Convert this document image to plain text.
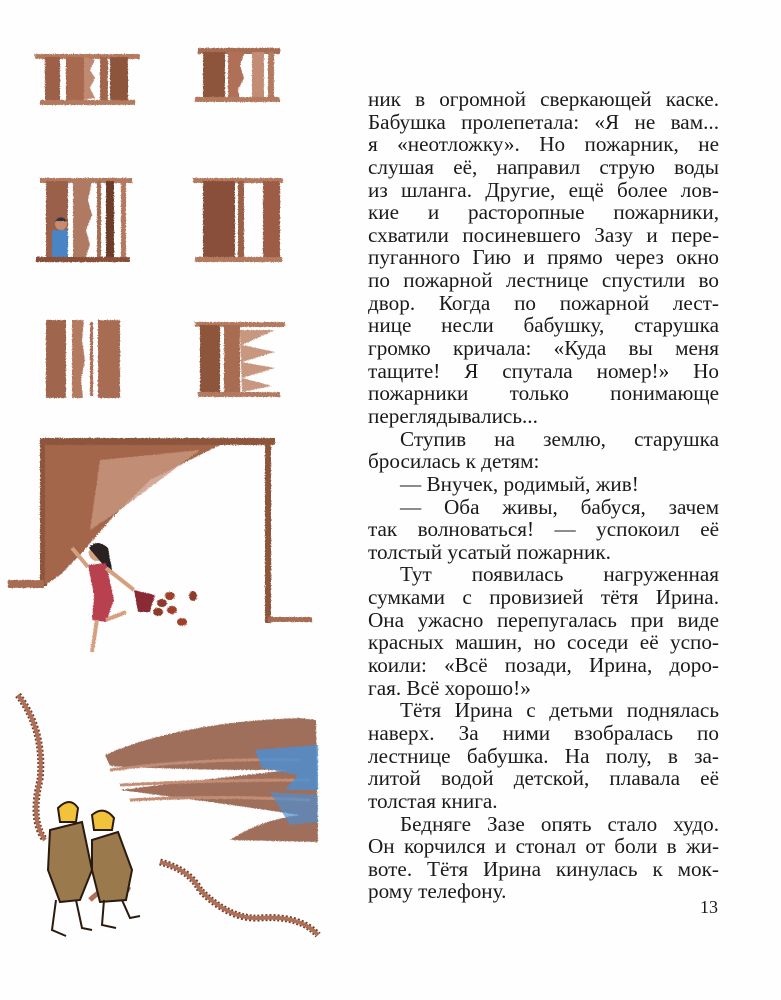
ник в огромной сверкающей каске.
Бабушка пролепетала: «Я не вам...
я «неотложку». Но пожарник, не
слушая её, направил струю воды
из шланга. Другие, ещё более лов-
кие и расторопные пожарники,
схватили посиневшего Зазу и пере-
пуганного Гию и прямо через окно
по пожарной лестнице спустили во
двор. Когда по пожарной лест-
нице несли бабушку, старушка
громко кричала: «Куда вы меня
тащите! Я спутала номер!» Но
пожарники только понимающе
переглядывались...
Ступив на землю, старушка
бросилась к детям:
— Внучек, родимый, жив!
— Оба живы, бабуся, зачем
так волноваться! — успокоил её
толстый усатый пожарник.
Тут появилась нагруженная
сумками с провизией тётя Ирина.
Она ужасно перепугалась при виде
красных машин, но соседи её успо-
коили: «Всё позади, Ирина, доро-
гая. Всё хорошо!»
Тётя Ирина с детьми поднялась
наверх. За ними взобралась по
лестнице бабушка. На полу, в за-
литой водой детской, плавала её
толстая книга.
Бедняге Зазе опять стало худо.
Он корчился и стонал от боли в жи-
воте. Тётя Ирина кинулась к мок-
рому телефону.
13
